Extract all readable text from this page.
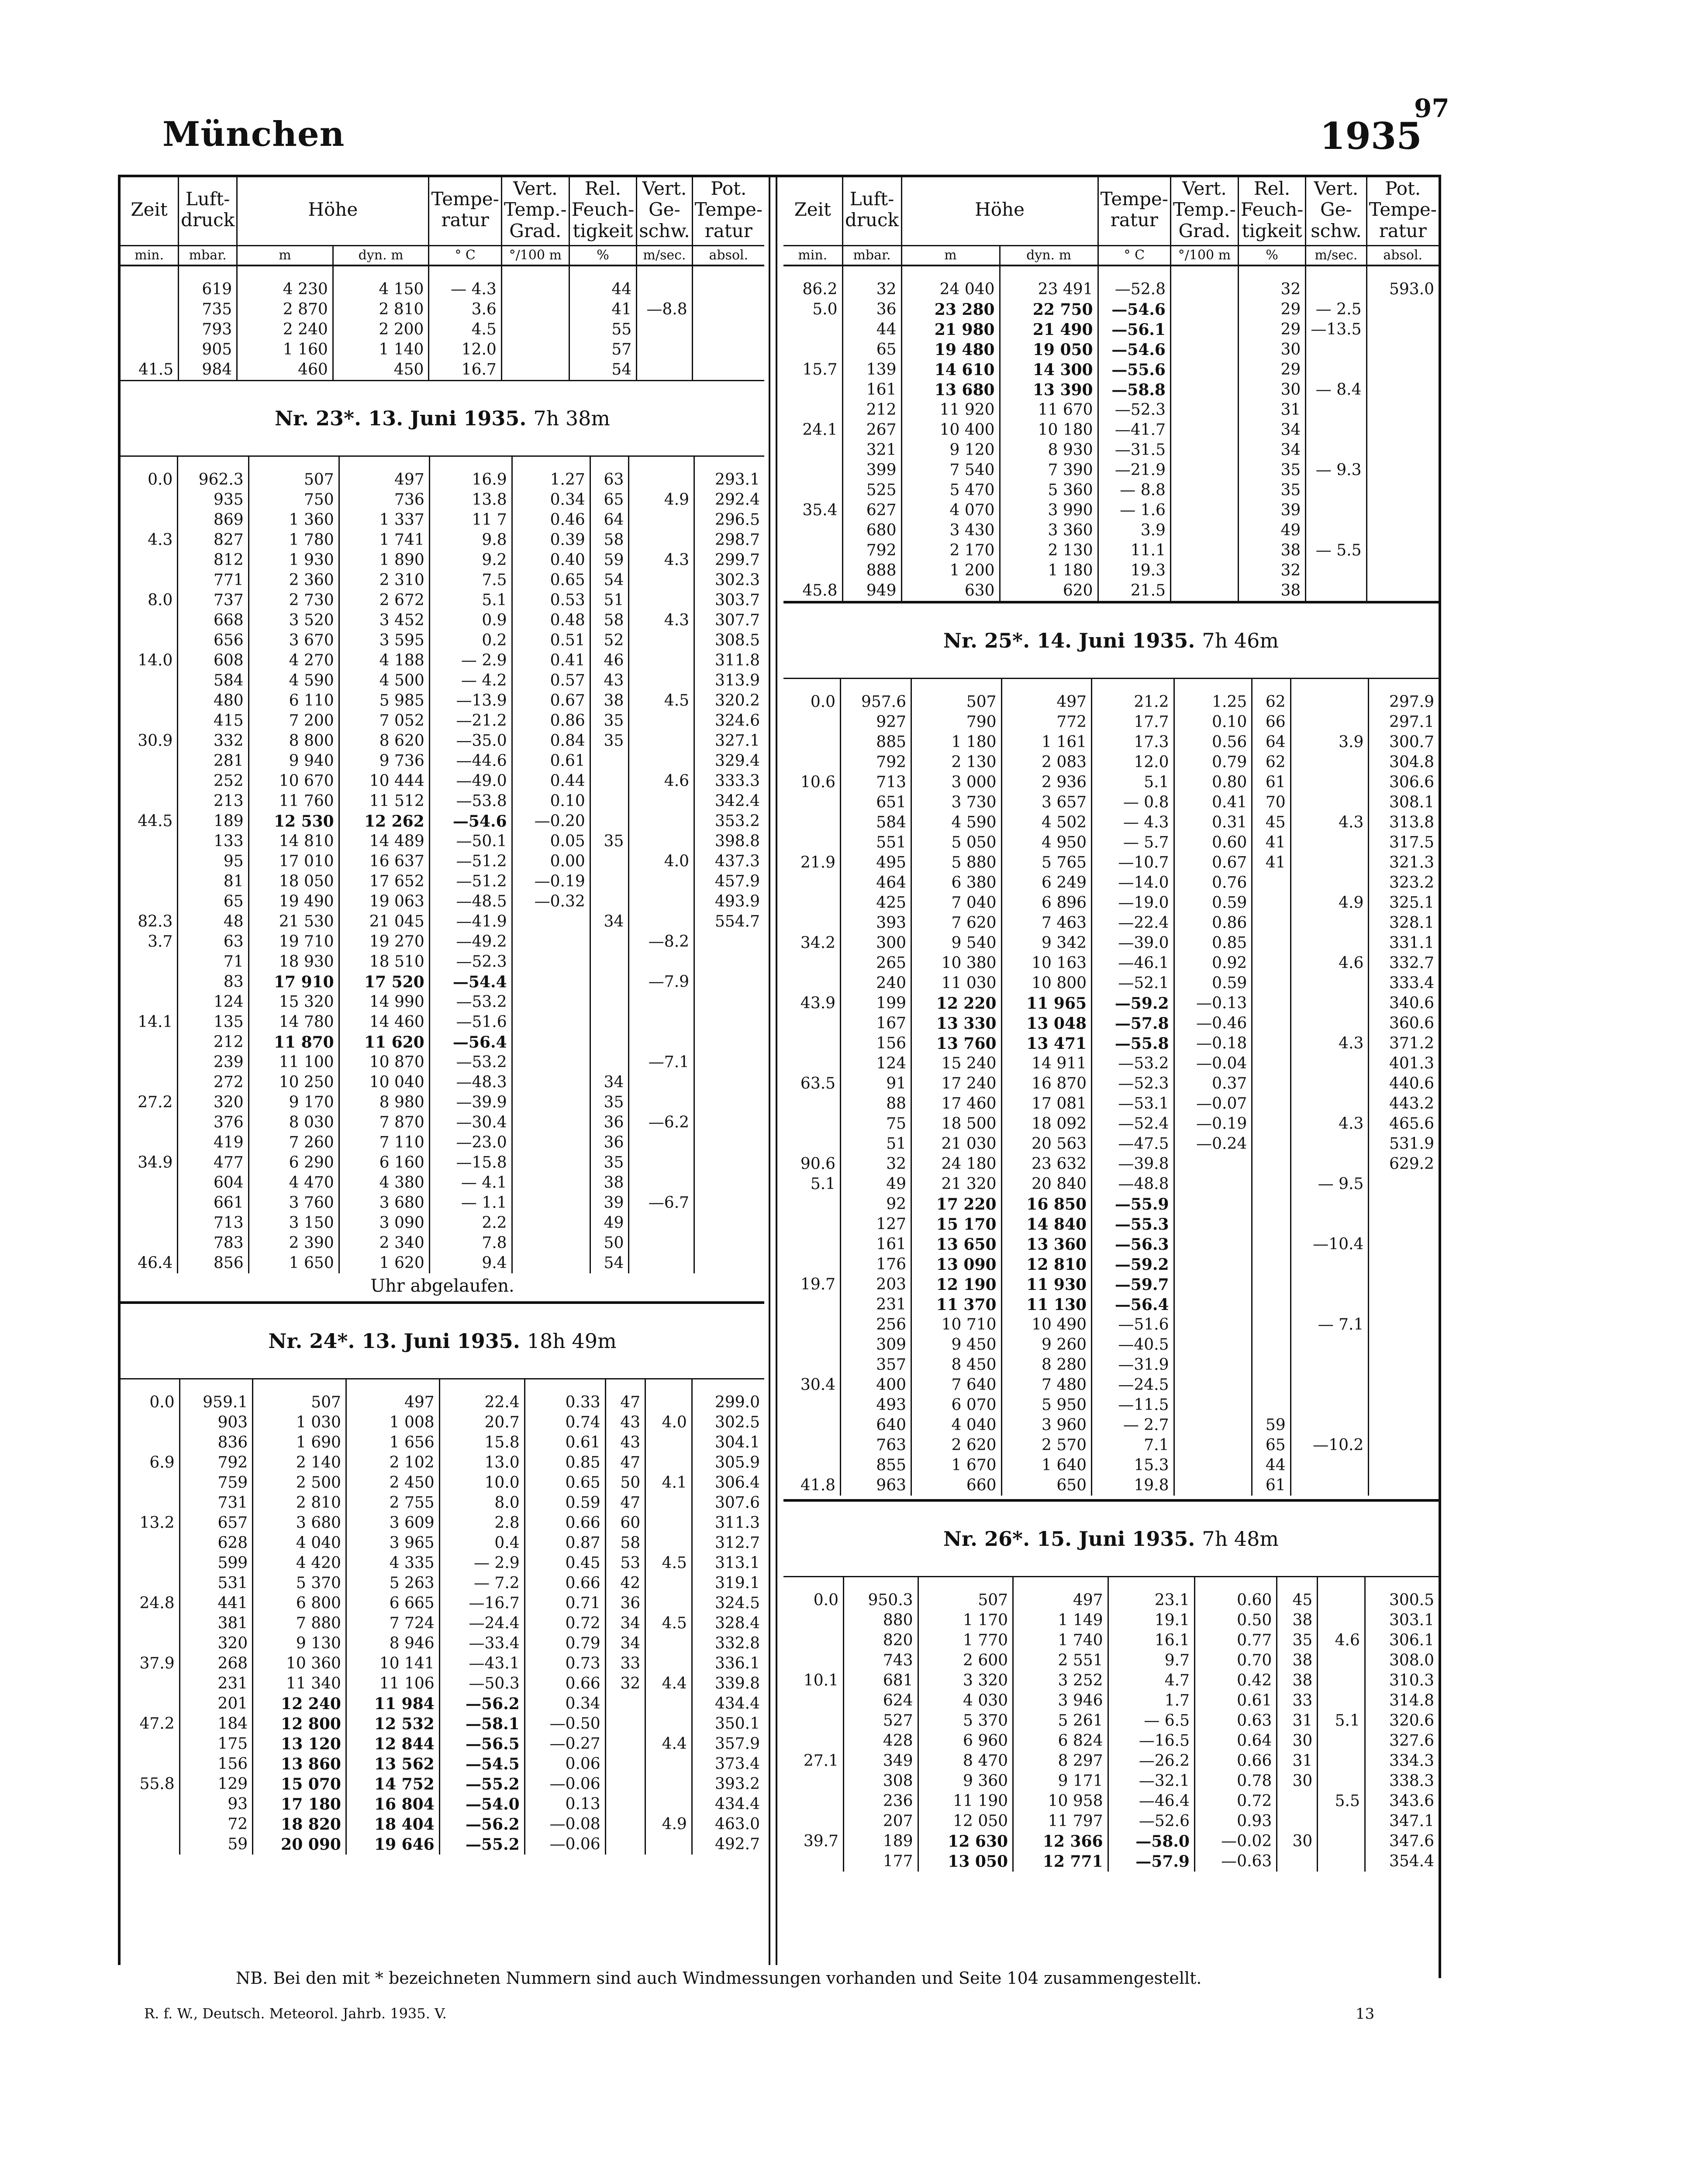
97
München	1935
Zeit	Luft-druck	Höhe		Tempe-ratur	Vert. Temp.-Grad.	Rel. Feuch-tigkeit	Vert. Ge-schw.	Pot. Tempe-ratur
min.	mbar.	m	dyn. m	° C	°/100 m	%	m/sec.	absol.
	619	4 230	4 150	— 4.3		44		
	735	2 870	2 810	3.6		41	—8.8	
	793	2 240	2 200	4.5		55		
	905	1 160	1 140	12.0		57		
41.5	984	460	450	16.7		54		
Nr. 23*. 13. Juni 1935. 7h 38m
0.0	962.3	507	497	16.9	1.27	63		293.1
	935	750	736	13.8	0.34	65	4.9	292.4
	869	1 360	1 337	11 7	0.46	64		296.5
4.3	827	1 780	1 741	9.8	0.39	58		298.7
	812	1 930	1 890	9.2	0.40	59	4.3	299.7
	771	2 360	2 310	7.5	0.65	54		302.3
8.0	737	2 730	2 672	5.1	0.53	51		303.7
	668	3 520	3 452	0.9	0.48	58	4.3	307.7
	656	3 670	3 595	0.2	0.51	52		308.5
14.0	608	4 270	4 188	— 2.9	0.41	46		311.8
	584	4 590	4 500	— 4.2	0.57	43		313.9
	480	6 110	5 985	—13.9	0.67	38	4.5	320.2
	415	7 200	7 052	—21.2	0.86	35		324.6
30.9	332	8 800	8 620	—35.0	0.84	35		327.1
	281	9 940	9 736	—44.6	0.61			329.4
	252	10 670	10 444	—49.0	0.44		4.6	333.3
	213	11 760	11 512	—53.8	0.10			342.4
44.5	189	12 530	12 262	—54.6	—0.20			353.2
	133	14 810	14 489	—50.1	0.05	35		398.8
	95	17 010	16 637	—51.2	0.00		4.0	437.3
	81	18 050	17 652	—51.2	—0.19			457.9
	65	19 490	19 063	—48.5	—0.32			493.9
82.3	48	21 530	21 045	—41.9		34		554.7
3.7	63	19 710	19 270	—49.2			—8.2	
	71	18 930	18 510	—52.3				
	83	17 910	17 520	—54.4			—7.9	
	124	15 320	14 990	—53.2				
14.1	135	14 780	14 460	—51.6				
	212	11 870	11 620	—56.4				
	239	11 100	10 870	—53.2			—7.1	
	272	10 250	10 040	—48.3		34		
27.2	320	9 170	8 980	—39.9		35		
	376	8 030	7 870	—30.4		36	—6.2	
	419	7 260	7 110	—23.0		36		
34.9	477	6 290	6 160	—15.8		35		
	604	4 470	4 380	— 4.1		38		
	661	3 760	3 680	— 1.1		39	—6.7	
	713	3 150	3 090	2.2		49		
	783	2 390	2 340	7.8		50		
46.4	856	1 650	1 620	9.4		54		
Uhr abgelaufen.
Nr. 24*. 13. Juni 1935. 18h 49m
0.0	959.1	507	497	22.4	0.33	47		299.0
	903	1 030	1 008	20.7	0.74	43	4.0	302.5
	836	1 690	1 656	15.8	0.61	43		304.1
6.9	792	2 140	2 102	13.0	0.85	47		305.9
	759	2 500	2 450	10.0	0.65	50	4.1	306.4
	731	2 810	2 755	8.0	0.59	47		307.6
13.2	657	3 680	3 609	2.8	0.66	60		311.3
	628	4 040	3 965	0.4	0.87	58		312.7
	599	4 420	4 335	— 2.9	0.45	53	4.5	313.1
	531	5 370	5 263	— 7.2	0.66	42		319.1
24.8	441	6 800	6 665	—16.7	0.71	36		324.5
	381	7 880	7 724	—24.4	0.72	34	4.5	328.4
	320	9 130	8 946	—33.4	0.79	34		332.8
37.9	268	10 360	10 141	—43.1	0.73	33		336.1
	231	11 340	11 106	—50.3	0.66	32	4.4	339.8
	201	12 240	11 984	—56.2	0.34			434.4
47.2	184	12 800	12 532	—58.1	—0.50			350.1
	175	13 120	12 844	—56.5	—0.27		4.4	357.9
	156	13 860	13 562	—54.5	0.06			373.4
55.8	129	15 070	14 752	—55.2	—0.06			393.2
	93	17 180	16 804	—54.0	0.13			434.4
	72	18 820	18 404	—56.2	—0.08		4.9	463.0
	59	20 090	19 646	—55.2	—0.06			492.7
Zeit	Luft-druck	Höhe		Tempe-ratur	Vert. Temp.-Grad.	Rel. Feuch-tigkeit	Vert. Ge-schw.	Pot. Tempe-ratur
min.	mbar.	m	dyn. m	° C	°/100 m	%	m/sec.	absol.
86.2	32	24 040	23 491	—52.8		32		593.0
5.0	36	23 280	22 750	—54.6		29	— 2.5	
	44	21 980	21 490	—56.1		29	—13.5	
	65	19 480	19 050	—54.6		30		
15.7	139	14 610	14 300	—55.6		29		
	161	13 680	13 390	—58.8		30	— 8.4	
	212	11 920	11 670	—52.3		31		
24.1	267	10 400	10 180	—41.7		34		
	321	9 120	8 930	—31.5		34		
	399	7 540	7 390	—21.9		35	— 9.3	
	525	5 470	5 360	— 8.8		35		
35.4	627	4 070	3 990	— 1.6		39		
	680	3 430	3 360	3.9		49		
	792	2 170	2 130	11.1		38	— 5.5	
	888	1 200	1 180	19.3		32		
45.8	949	630	620	21.5		38		
Nr. 25*. 14. Juni 1935. 7h 46m
0.0	957.6	507	497	21.2	1.25	62		297.9
	927	790	772	17.7	0.10	66		297.1
	885	1 180	1 161	17.3	0.56	64	3.9	300.7
	792	2 130	2 083	12.0	0.79	62		304.8
10.6	713	3 000	2 936	5.1	0.80	61		306.6
	651	3 730	3 657	— 0.8	0.41	70		308.1
	584	4 590	4 502	— 4.3	0.31	45	4.3	313.8
	551	5 050	4 950	— 5.7	0.60	41		317.5
21.9	495	5 880	5 765	—10.7	0.67	41		321.3
	464	6 380	6 249	—14.0	0.76			323.2
	425	7 040	6 896	—19.0	0.59		4.9	325.1
	393	7 620	7 463	—22.4	0.86			328.1
34.2	300	9 540	9 342	—39.0	0.85			331.1
	265	10 380	10 163	—46.1	0.92		4.6	332.7
	240	11 030	10 800	—52.1	0.59			333.4
43.9	199	12 220	11 965	—59.2	—0.13			340.6
	167	13 330	13 048	—57.8	—0.46			360.6
	156	13 760	13 471	—55.8	—0.18		4.3	371.2
	124	15 240	14 911	—53.2	—0.04			401.3
63.5	91	17 240	16 870	—52.3	0.37			440.6
	88	17 460	17 081	—53.1	—0.07			443.2
	75	18 500	18 092	—52.4	—0.19		4.3	465.6
	51	21 030	20 563	—47.5	—0.24			531.9
90.6	32	24 180	23 632	—39.8				629.2
5.1	49	21 320	20 840	—48.8			— 9.5	
	92	17 220	16 850	—55.9				
	127	15 170	14 840	—55.3				
	161	13 650	13 360	—56.3			—10.4	
	176	13 090	12 810	—59.2				
19.7	203	12 190	11 930	—59.7				
	231	11 370	11 130	—56.4				
	256	10 710	10 490	—51.6			— 7.1	
	309	9 450	9 260	—40.5				
	357	8 450	8 280	—31.9				
30.4	400	7 640	7 480	—24.5				
	493	6 070	5 950	—11.5				
	640	4 040	3 960	— 2.7		59		
	763	2 620	2 570	7.1		65	—10.2	
	855	1 670	1 640	15.3		44		
41.8	963	660	650	19.8		61		
Nr. 26*. 15. Juni 1935. 7h 48m
0.0	950.3	507	497	23.1	0.60	45		300.5
	880	1 170	1 149	19.1	0.50	38		303.1
	820	1 770	1 740	16.1	0.77	35	4.6	306.1
	743	2 600	2 551	9.7	0.70	38		308.0
10.1	681	3 320	3 252	4.7	0.42	38		310.3
	624	4 030	3 946	1.7	0.61	33		314.8
	527	5 370	5 261	— 6.5	0.63	31	5.1	320.6
	428	6 960	6 824	—16.5	0.64	30		327.6
27.1	349	8 470	8 297	—26.2	0.66	31		334.3
	308	9 360	9 171	—32.1	0.78	30		338.3
	236	11 190	10 958	—46.4	0.72		5.5	343.6
	207	12 050	11 797	—52.6	0.93			347.1
39.7	189	12 630	12 366	—58.0	—0.02	30		347.6
	177	13 050	12 771	—57.9	—0.63			354.4
NB. Bei den mit * bezeichneten Nummern sind auch Windmessungen vorhanden und Seite 104 zusammengestellt.
R. f. W., Deutsch. Meteorol. Jahrb. 1935. V.	13
